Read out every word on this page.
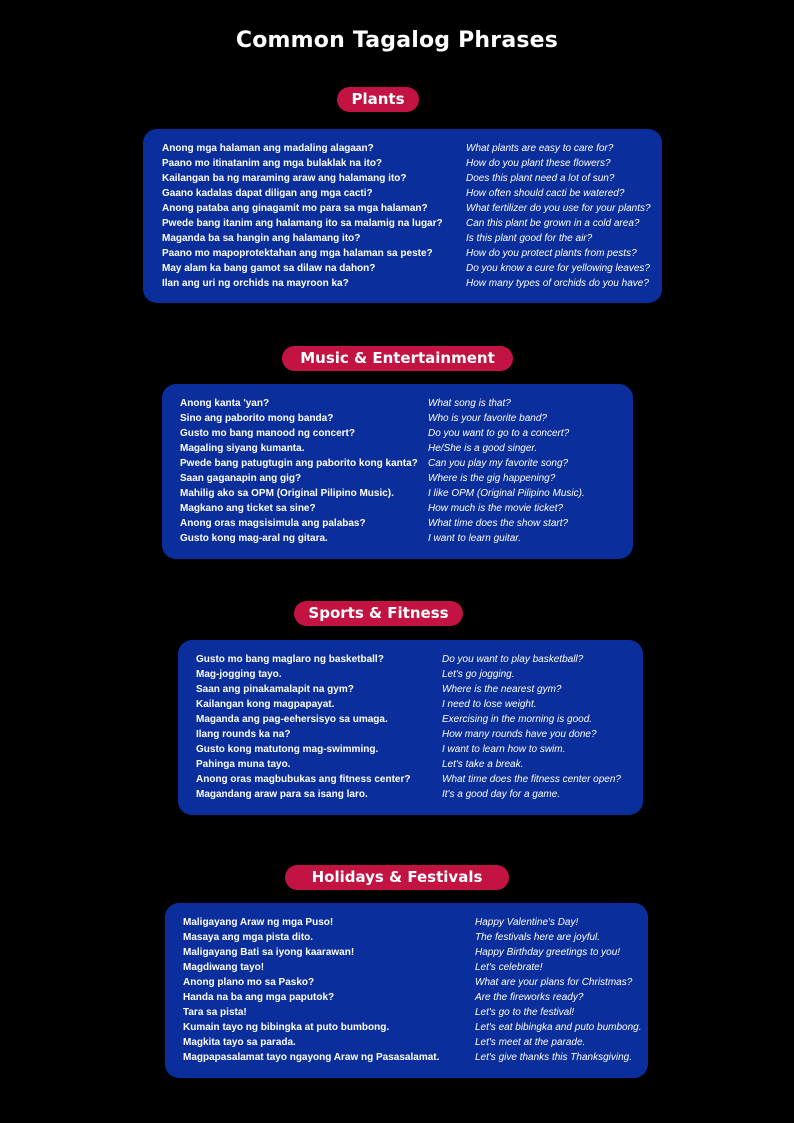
Common Tagalog Phrases
Plants
Anong mga halaman ang madaling alagaan?	What plants are easy to care for?
Paano mo itinatanim ang mga bulaklak na ito?	How do you plant these flowers?
Kailangan ba ng maraming araw ang halamang ito?	Does this plant need a lot of sun?
Gaano kadalas dapat diligan ang mga cacti?	How often should cacti be watered?
Anong pataba ang ginagamit mo para sa mga halaman?	What fertilizer do you use for your plants?
Pwede bang itanim ang halamang ito sa malamig na lugar? Can this plant be grown in a cold area?
Maganda ba sa hangin ang halamang ito?	Is this plant good for the air?
Paano mo mapoprotektahan ang mga halaman sa peste?	How do you protect plants from pests?
May alam ka bang gamot sa dilaw na dahon?	Do you know a cure for yellowing leaves?
Ilan ang uri ng orchids na mayroon ka?	How many types of orchids do you have?
Music & Entertainment
Anong kanta 'yan?	What song is that?
Sino ang paborito mong banda?	Who is your favorite band?
Gusto mo bang manood ng concert?	Do you want to go to a concert?
Magaling siyang kumanta.	He/She is a good singer.
Pwede bang patugtugin ang paborito kong kanta? Can you play my favorite song?
Saan gaganapin ang gig?	Where is the gig happening?
Mahilig ako sa OPM (Original Pilipino Music).	I like OPM (Original Pilipino Music).
Magkano ang ticket sa sine?	How much is the movie ticket?
Anong oras magsisimula ang palabas?	What time does the show start?
Gusto kong mag-aral ng gitara.	I want to learn guitar.
Sports & Fitness
Gusto mo bang maglaro ng basketball?	Do you want to play basketball?
Mag-jogging tayo.	Let's go jogging.
Saan ang pinakamalapit na gym?	Where is the nearest gym?
Kailangan kong magpapayat.	I need to lose weight.
Maganda ang pag-eehersisyo sa umaga.	Exercising in the morning is good.
Ilang rounds ka na?	How many rounds have you done?
Gusto kong matutong mag-swimming.	I want to learn how to swim.
Pahinga muna tayo.	Let's take a break.
Anong oras magbubukas ang fitness center?	What time does the fitness center open?
Magandang araw para sa isang laro.	It's a good day for a game.
Holidays & Festivals
Maligayang Araw ng mga Puso!	Happy Valentine's Day!
Masaya ang mga pista dito.	The festivals here are joyful.
Maligayang Bati sa iyong kaarawan!	Happy Birthday greetings to you!
Magdiwang tayo!	Let's celebrate!
Anong plano mo sa Pasko?	What are your plans for Christmas?
Handa na ba ang mga paputok?	Are the fireworks ready?
Tara sa pista!	Let's go to the festival!
Kumain tayo ng bibingka at puto bumbong.	Let's eat bibingka and puto bumbong.
Magkita tayo sa parada.	Let's meet at the parade.
Magpapasalamat tayo ngayong Araw ng Pasasalamat.	Let's give thanks this Thanksgiving.
